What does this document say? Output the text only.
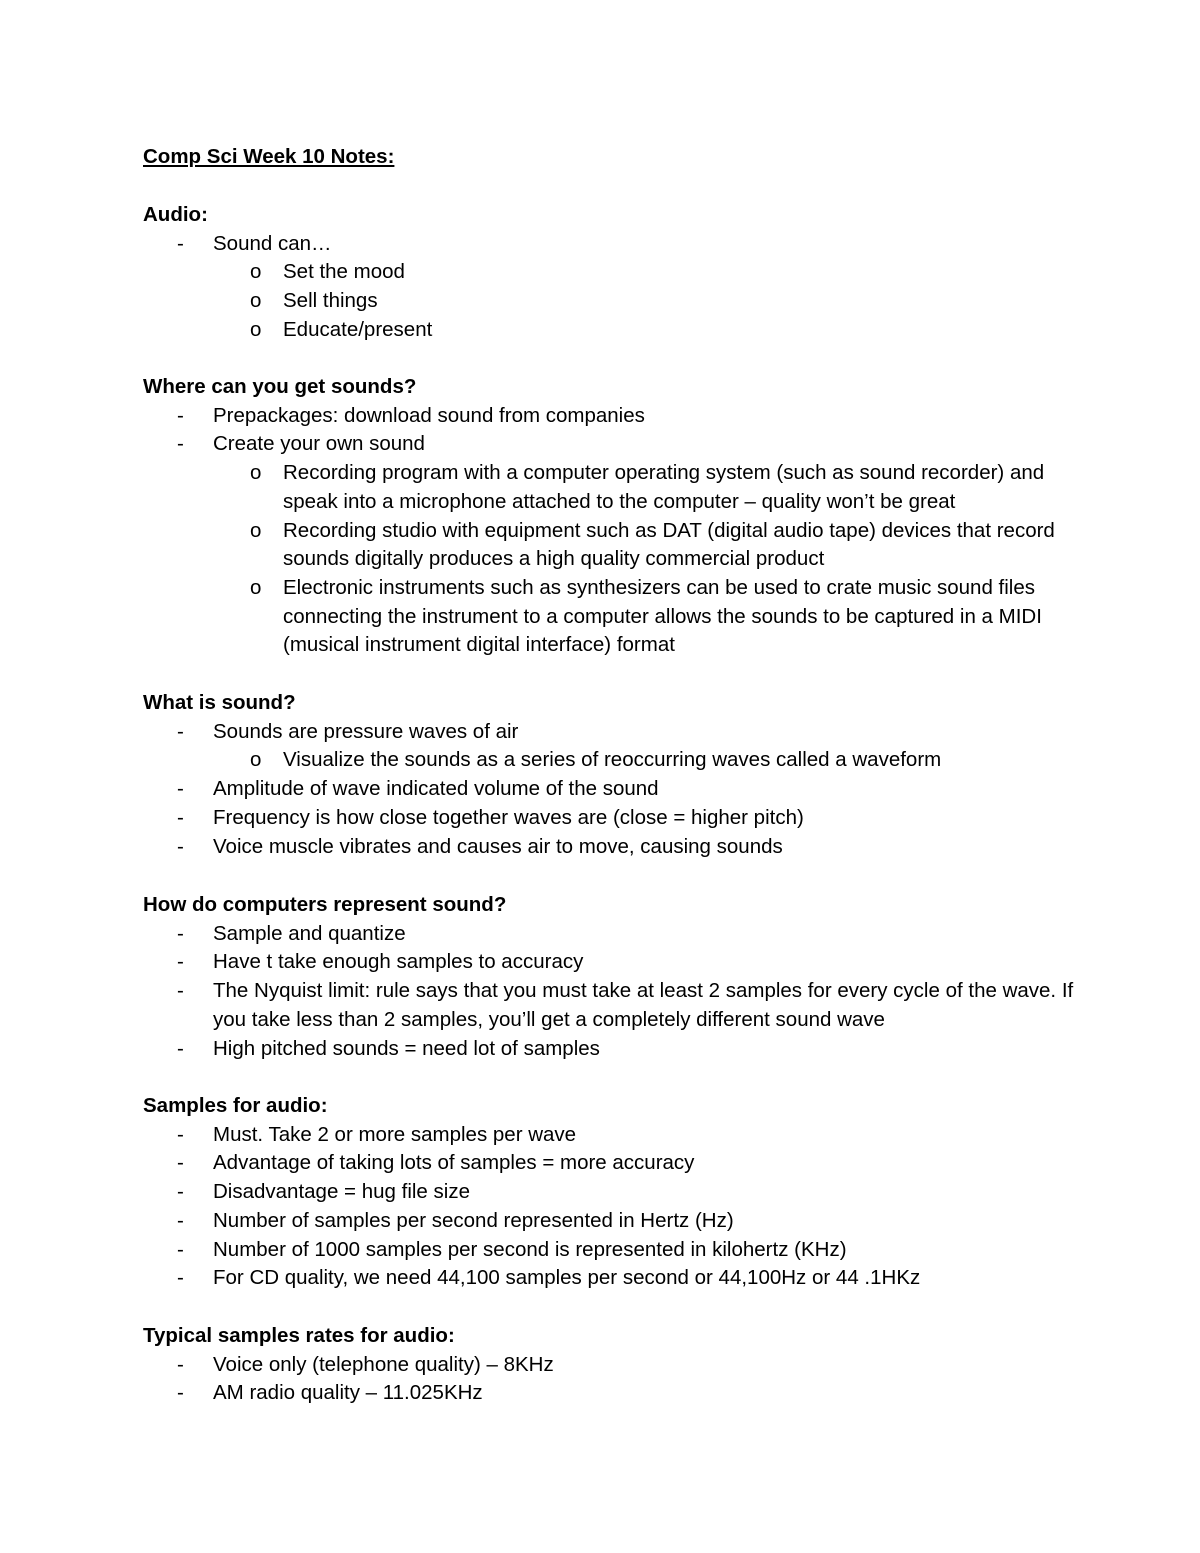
Comp Sci Week 10 Notes:
Audio:
- Sound can…
o Set the mood
o Sell things
o Educate/present
Where can you get sounds?
- Prepackages: download sound from companies
- Create your own sound
o Recording program with a computer operating system (such as sound recorder) and speak into a microphone attached to the computer – quality won’t be great
o Recording studio with equipment such as DAT (digital audio tape) devices that record sounds digitally produces a high quality commercial product
o Electronic instruments such as synthesizers can be used to crate music sound files connecting the instrument to a computer allows the sounds to be captured in a MIDI (musical instrument digital interface) format
What is sound?
- Sounds are pressure waves of air
o Visualize the sounds as a series of reoccurring waves called a waveform
- Amplitude of wave indicated volume of the sound
- Frequency is how close together waves are (close = higher pitch)
- Voice muscle vibrates and causes air to move, causing sounds
How do computers represent sound?
- Sample and quantize
- Have t take enough samples to accuracy
- The Nyquist limit: rule says that you must take at least 2 samples for every cycle of the wave. If you take less than 2 samples, you’ll get a completely different sound wave
- High pitched sounds = need lot of samples
Samples for audio:
- Must. Take 2 or more samples per wave
- Advantage of taking lots of samples = more accuracy
- Disadvantage = hug file size
- Number of samples per second represented in Hertz (Hz)
- Number of 1000 samples per second is represented in kilohertz (KHz)
- For CD quality, we need 44,100 samples per second or 44,100Hz or 44 .1HKz
Typical samples rates for audio:
- Voice only (telephone quality) – 8KHz
- AM radio quality – 11.025KHz
